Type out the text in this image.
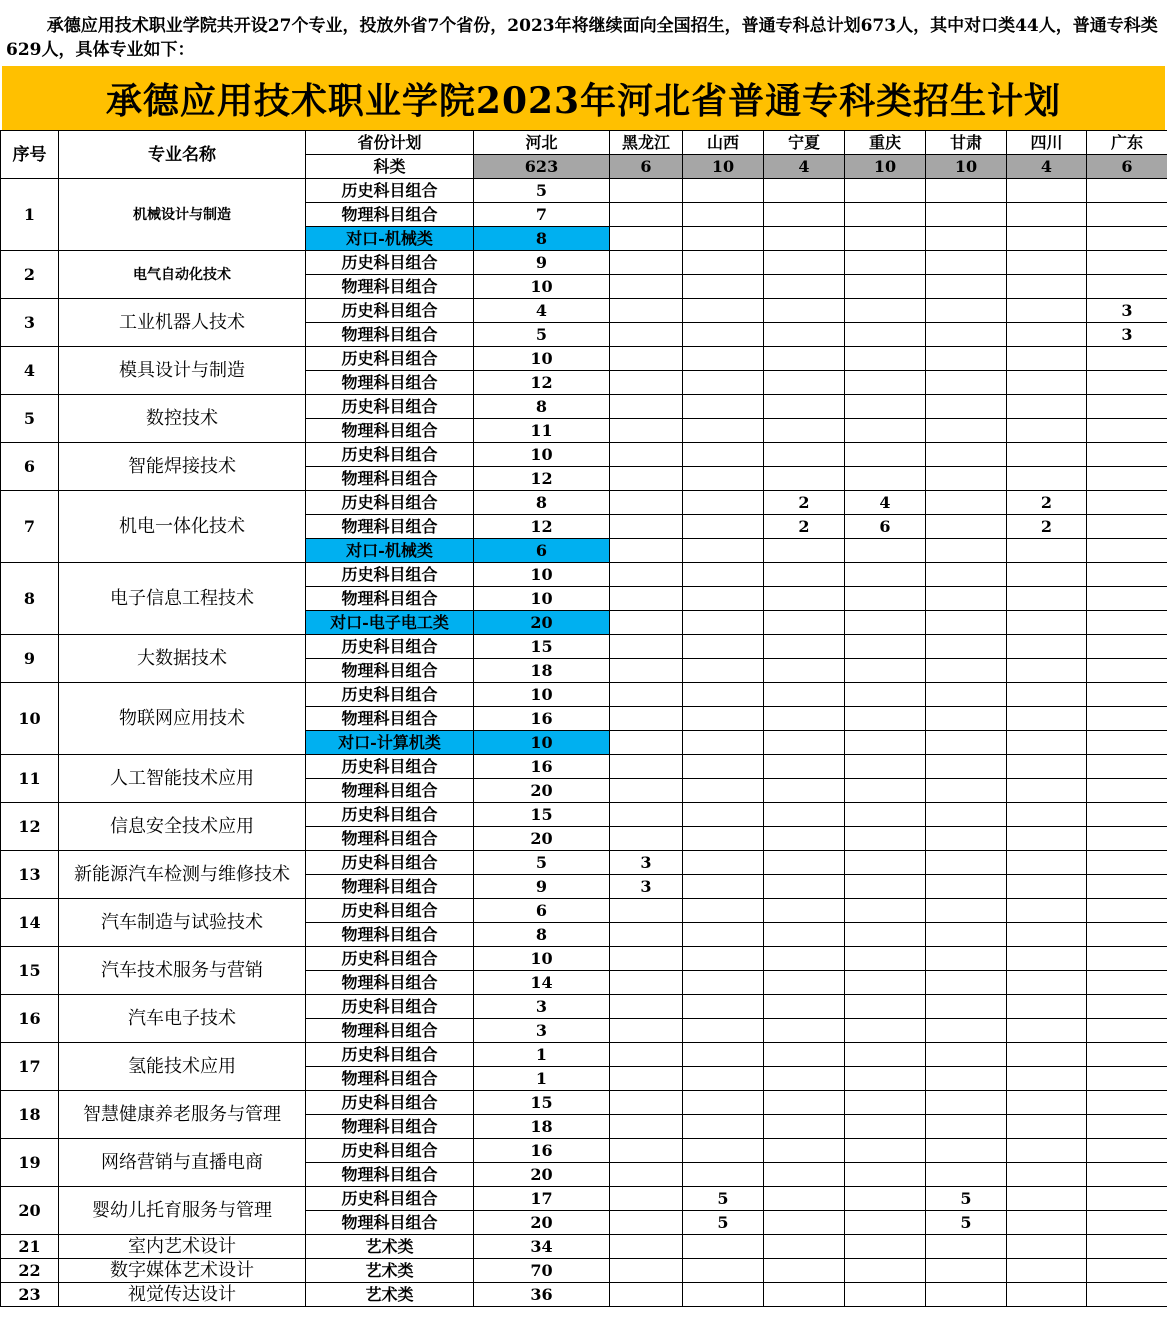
承德应用技术职业学院共开设27个专业，投放外省7个省份，2023年将继续面向全国招生，普通专科总计划673人，其中对口类44人，普通专科类629人，具体专业如下：
承德应用技术职业学院2023年河北省普通专科类招生计划
序号	专业名称	省份计划	河北	黑龙江	山西	宁夏	重庆	甘肃	四川	广东
		科类	623	6	10	4	10	10	4	6
1	机械设计与制造	历史科目组合	5							
		物理科目组合	7							
		对口-机械类	8							
2	电气自动化技术	历史科目组合	9							
		物理科目组合	10							
3	工业机器人技术	历史科目组合	4							3
		物理科目组合	5							3
4	模具设计与制造	历史科目组合	10							
		物理科目组合	12							
5	数控技术	历史科目组合	8							
		物理科目组合	11							
6	智能焊接技术	历史科目组合	10							
		物理科目组合	12							
7	机电一体化技术	历史科目组合	8			2	4		2	
		物理科目组合	12			2	6		2	
		对口-机械类	6							
8	电子信息工程技术	历史科目组合	10							
		物理科目组合	10							
		对口-电子电工类	20							
9	大数据技术	历史科目组合	15							
		物理科目组合	18							
10	物联网应用技术	历史科目组合	10							
		物理科目组合	16							
		对口-计算机类	10							
11	人工智能技术应用	历史科目组合	16							
		物理科目组合	20							
12	信息安全技术应用	历史科目组合	15							
		物理科目组合	20							
13	新能源汽车检测与维修技术	历史科目组合	5	3						
		物理科目组合	9	3						
14	汽车制造与试验技术	历史科目组合	6							
		物理科目组合	8							
15	汽车技术服务与营销	历史科目组合	10							
		物理科目组合	14							
16	汽车电子技术	历史科目组合	3							
		物理科目组合	3							
17	氢能技术应用	历史科目组合	1							
		物理科目组合	1							
18	智慧健康养老服务与管理	历史科目组合	15							
		物理科目组合	18							
19	网络营销与直播电商	历史科目组合	16							
		物理科目组合	20							
20	婴幼儿托育服务与管理	历史科目组合	17		5			5		
		物理科目组合	20		5			5		
21	室内艺术设计	艺术类	34							
22	数字媒体艺术设计	艺术类	70							
23	视觉传达设计	艺术类	36							
